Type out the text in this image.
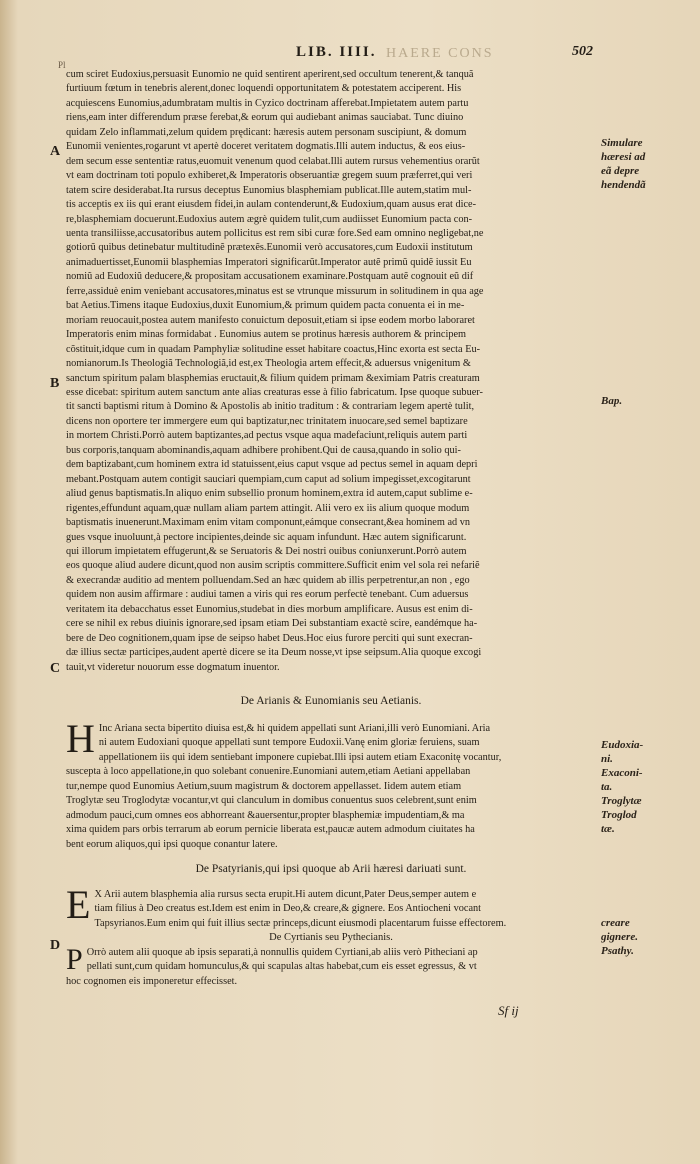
LIB. IIII. HAERE CONS	502
Pl
cum sciret Eudoxius,persuasit Eunomio ne quid sentirent aperirent,sed occultum tenerent,& tanquã
furtiuum fœtum in tenebris alerent,donec loquendi opportunitatem & potestatem acciperent. His
acquiescens Eunomius,adumbratam multis in Cyzico doctrinam afferebat.Impietatem autem partu
riens,eam inter differendum præse ferebat,& eorum qui audiebant animas sauciabat. Tunc diuino
quidam Zelo inflammati,zelum quidem prędicant: hæresis autem personam suscipiunt, & domum
Eunomii venientes,rogarunt vt apertè doceret veritatem dogmatis.Illi autem inductus, & eos eius-
dem secum esse sententiæ ratus,euomuit venenum quod celabat.Illi autem rursus vehementius orarũt
vt eam doctrinam toti populo exhiberet,& Imperatoris obseruantiæ gregem suum præferret,qui veri
tatem scire desiderabat.Ita rursus deceptus Eunomius blasphemiam publicat.Ille autem,statim mul-
tis acceptis ex iis qui erant eiusdem fidei,in aulam contenderunt,& Eudoxium,quam ausus erat dice-
re,blasphemiam docuerunt.Eudoxius autem ægrè quidem tulit,cum audiisset Eunomium pacta con-
uenta transiliisse,accusatoribus autem pollicitus est rem sibi curæ fore.Sed eam omnino negligebat,ne
gotiorũ quibus detinebatur multitudinẽ prætexẽs.Eunomii verò accusatores,cum Eudoxii institutum
animaduertisset,Eunomii blasphemias Imperatori significarũt.Imperator autẽ primũ quidẽ iussit Eu
nomiũ ad Eudoxiũ deducere,& propositam accusationem examinare.Postquam autẽ cognouit eũ dif
ferre,assiduè enim veniebant accusatores,minatus est se vtrunque missurum in solitudinem in qua age
bat Aetius.Timens itaque Eudoxius,duxit Eunomium,& primum quidem pacta conuenta ei in me-
moriam reuocauit,postea autem manifesto conuictum deposuit,etiam si ipse eodem morbo laboraret
Imperatoris enim minas formidabat . Eunomius autem se protinus hæresis authorem & principem
cõstituit,idque cum in quadam Pamphyliæ solitudine esset habitare coactus,Hinc exorta est secta Eu-
nomianorum.Is Theologiã Technologiã,id est,ex Theologia artem effecit,& aduersus vnigenitum &
sanctum spiritum palam blasphemias eructauit,& filium quidem primam &eximiam Patris creaturam
esse dicebat: spiritum autem sanctum ante alias creaturas esse à filio fabricatum. Ipse quoque subuer-
tit sancti baptismi ritum à Domino & Apostolis ab initio traditum : & contrariam legem apertè tulit,
dicens non oportere ter immergere eum qui baptizatur,nec trinitatem inuocare,sed semel baptizare
in mortem Christi.Porrò autem baptizantes,ad pectus vsque aqua madefaciunt,reliquis autem parti
bus corporis,tanquam abominandis,aquam adhibere prohibent.Qui de causa,quando in solio qui-
dem baptizabant,cum hominem extra id statuissent,eius caput vsque ad pectus semel in aquam depri
mebant.Postquam autem contigit sauciari quempiam,cum caput ad solium impegisset,excogitarunt
aliud genus baptismatis.In aliquo enim subsellio pronum hominem,extra id autem,caput sublime e-
rigentes,effundunt aquam,quæ nullam aliam partem attingit. Alii vero ex iis alium quoque modum
baptismatis inuenerunt.Maximam enim vitam componunt,eámque consecrant,&ea hominem ad vn
gues vsque inuoluunt,à pectore incipientes,deinde sic aquam infundunt. Hæc autem significarunt.
qui illorum impietatem effugerunt,& se Seruatoris & Dei nostri ouibus coniunxerunt.Porrò autem
eos quoque aliud audere dicunt,quod non ausim scriptis committere.Sufficit enim vel sola rei nefariẽ
& execrandæ auditio ad mentem polluendam.Sed an hæc quidem ab illis perpetrentur,an non , ego
quidem non ausim affirmare : audiui tamen a viris qui res eorum perfectè tenebant. Cum aduersus
veritatem ita debacchatus esset Eunomius,studebat in dies morbum amplificare. Ausus est enim di-
cere se nihil ex rebus diuinis ignorare,sed ipsam etiam Dei substantiam exactè scire, eandémque ha-
bere de Deo cognitionem,quam ipse de seipso habet Deus.Hoc eius furore perciti qui sunt execran-
dæ illius sectæ participes,audent apertè dicere se ita Deum nosse,vt ipse seipsum.Alia quoque excogi
tauit,vt videretur nouorum esse dogmatum inuentor.
A
B
C
D
Simulare
hæresi ad
eã depre
hendendã
Bap.
Eudoxia-
ni.
Exaconi-
ta.
Troglytæ
Troglod
tæ.
creare
gignere.
Psathy.
De Arianis & Eunomianis seu Aetianis.
H Inc Ariana secta bipertito diuisa est,& hi quidem appellati sunt Ariani,illi verò Eunomiani. Aria
ni autem Eudoxiani quoque appellati sunt tempore Eudoxii.Vanę enim gloriæ feruiens, suam
appellationem iis qui idem sentiebant imponere cupiebat.Illi ipsi autem etiam Exaconitę vocantur,
suscepta à loco appellatione,in quo solebant conuenire.Eunomiani autem,etiam Aetiani appellaban
tur,nempe quod Eunomius Aetium,suum magistrum & doctorem appellasset. Iidem autem etiam
Troglytæ seu Troglodytæ vocantur,vt qui clanculum in domibus conuentus suos celebrent,sunt enim
admodum pauci,cum omnes eos abhorreant &auersentur,propter blasphemiæ impudentiam,& ma
xima quidem pars orbis terrarum ab eorum pernicie liberata est,paucæ autem admodum ciuitates ha
bent eorum aliquos,qui ipsi quoque conantur latere.
De Psatyrianis,qui ipsi quoque ab Arii hæresi dariuati sunt.
E X Arii autem blasphemia alia rursus secta erupit.Hi autem dicunt,Pater Deus,semper autem e
tiam filius à Deo creatus est.Idem est enim in Deo,& creare,& gignere. Eos Antiocheni vocant
Tapsyrianos.Eum enim qui fuit illius sectæ princeps,dicunt eiusmodi placentarum fuisse effectorem.
De Cyrtianis seu Pythecianis.
P Orrò autem alii quoque ab ipsis separati,à nonnullis quidem Cyrtiani,ab aliis verò Pitheciani ap
pellati sunt,cum quidam homunculus,& qui scapulas altas habebat,cum eis esset egressus, & vt
hoc cognomen eis imponeretur effecisset.
Sf ij
